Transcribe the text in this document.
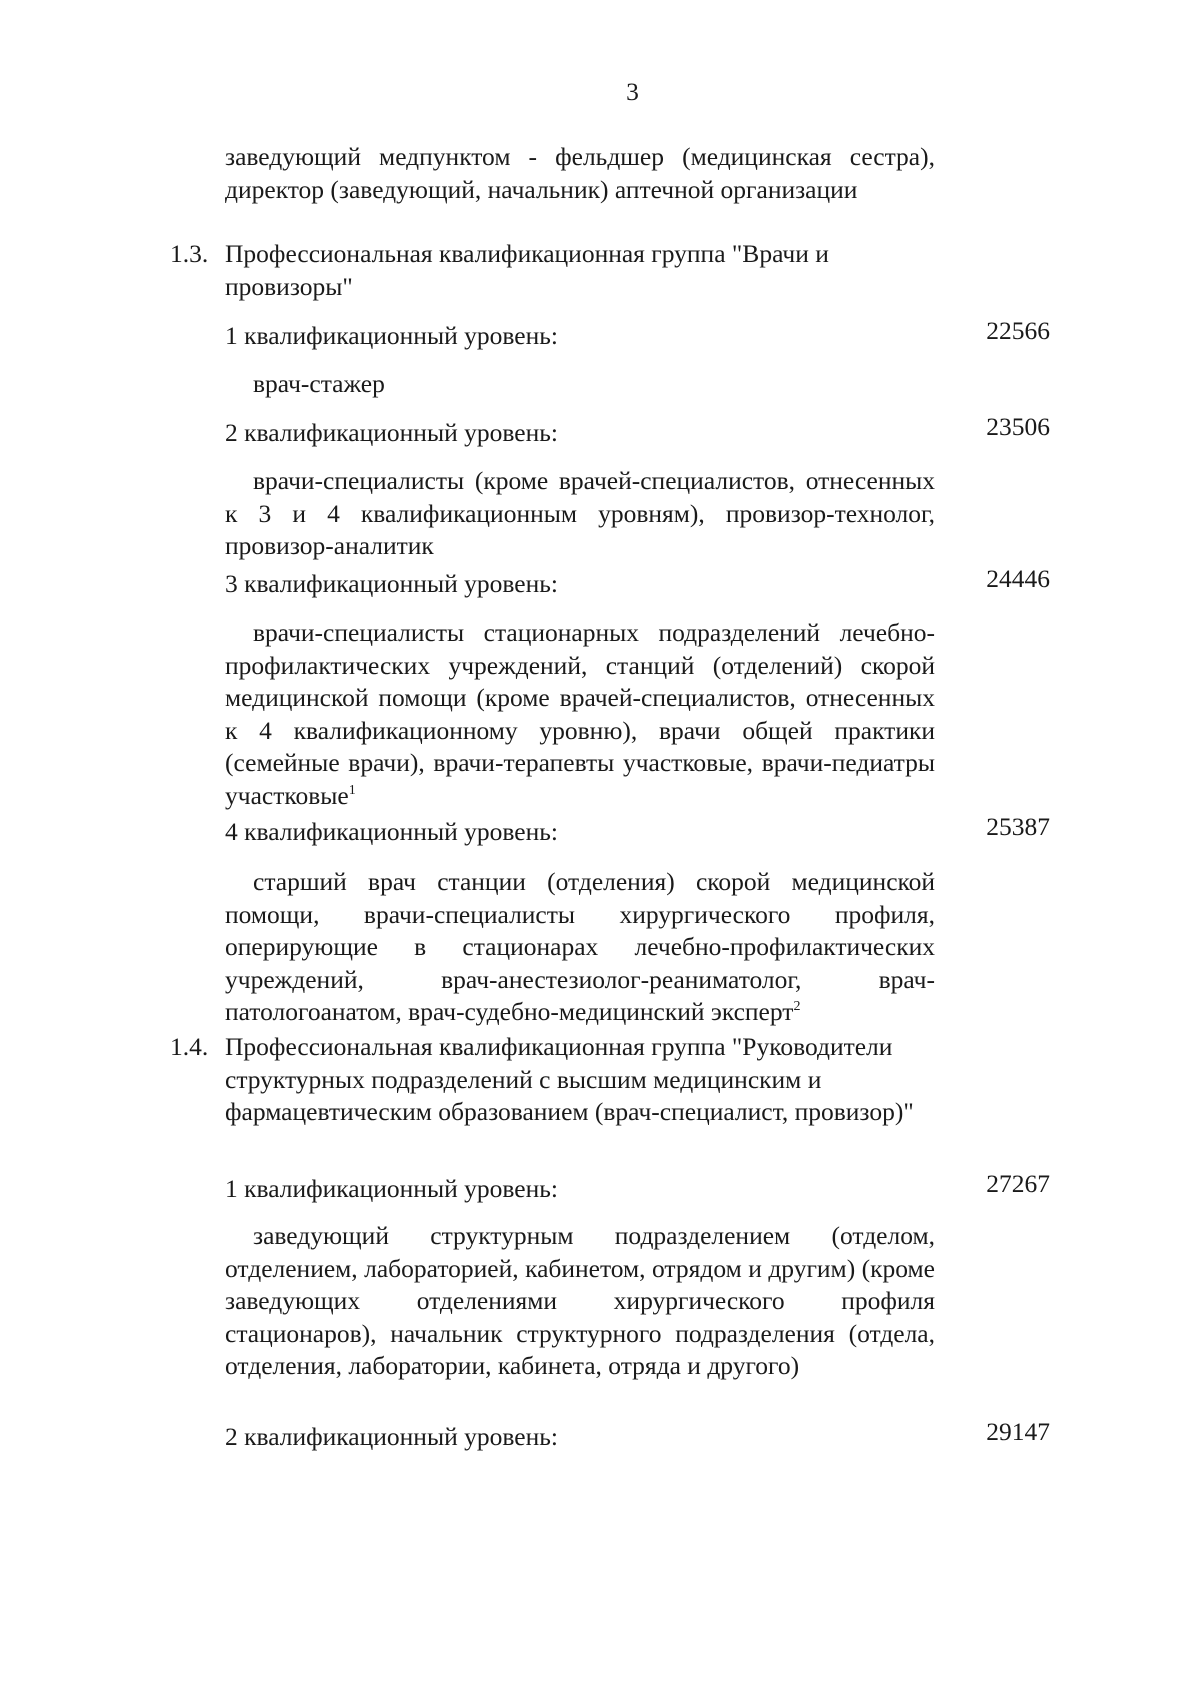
3
заведующий медпунктом - фельдшер (медицинская сестра), директор (заведующий, начальник) аптечной организации
1.3. Профессиональная квалификационная группа "Врачи и провизоры"
1 квалификационный уровень:	22566
врач-стажер
2 квалификационный уровень:	23506
врачи-специалисты (кроме врачей-специалистов, отнесенных к 3 и 4 квалификационным уровням), провизор-технолог, провизор-аналитик
3 квалификационный уровень:	24446
врачи-специалисты стационарных подразделений лечебно-профилактических учреждений, станций (отделений) скорой медицинской помощи (кроме врачей-специалистов, отнесенных к 4 квалификационному уровню), врачи общей практики (семейные врачи), врачи-терапевты участковые, врачи-педиатры участковые$^1$
4 квалификационный уровень:	25387
старший врач станции (отделения) скорой медицинской помощи, врачи-специалисты хирургического профиля, оперирующие в стационарах лечебно-профилактических учреждений, врач-анестезиолог-реаниматолог, врач-патологоанатом, врач-судебно-медицинский эксперт$^2$
1.4. Профессиональная квалификационная группа "Руководители структурных подразделений с высшим медицинским и фармацевтическим образованием (врач-специалист, провизор)"
1 квалификационный уровень:	27267
заведующий структурным подразделением (отделом, отделением, лабораторией, кабинетом, отрядом и другим) (кроме заведующих отделениями хирургического профиля стационаров), начальник структурного подразделения (отдела, отделения, лаборатории, кабинета, отряда и другого)
2 квалификационный уровень:	29147
